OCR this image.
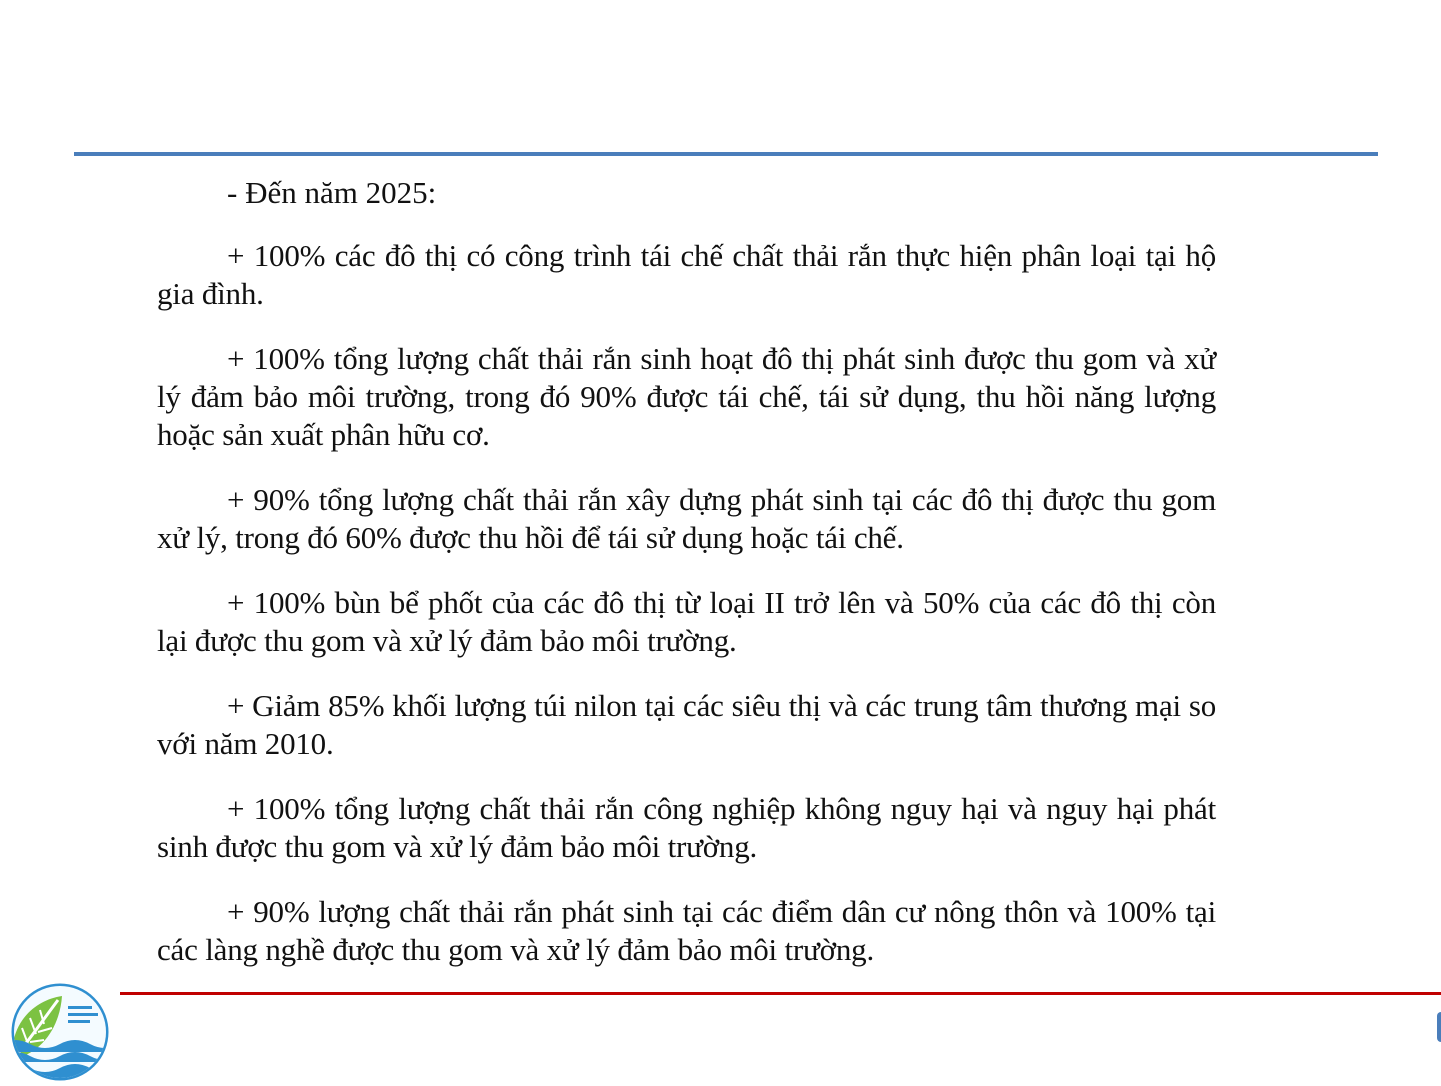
- Đến năm 2025:

+ 100% các đô thị có công trình tái chế chất thải rắn thực hiện phân loại tại hộ gia đình.

+ 100% tổng lượng chất thải rắn sinh hoạt đô thị phát sinh được thu gom và xử lý đảm bảo môi trường, trong đó 90% được tái chế, tái sử dụng, thu hồi năng lượng hoặc sản xuất phân hữu cơ.

+ 90% tổng lượng chất thải rắn xây dựng phát sinh tại các đô thị được thu gom xử lý, trong đó 60% được thu hồi để tái sử dụng hoặc tái chế.

+ 100% bùn bể phốt của các đô thị từ loại II trở lên và 50% của các đô thị còn lại được thu gom và xử lý đảm bảo môi trường.

+ Giảm 85% khối lượng túi nilon tại các siêu thị và các trung tâm thương mại so với năm 2010.

+ 100% tổng lượng chất thải rắn công nghiệp không nguy hại và nguy hại phát sinh được thu gom và xử lý đảm bảo môi trường.

+ 90% lượng chất thải rắn phát sinh tại các điểm dân cư nông thôn và 100% tại các làng nghề được thu gom và xử lý đảm bảo môi trường.
